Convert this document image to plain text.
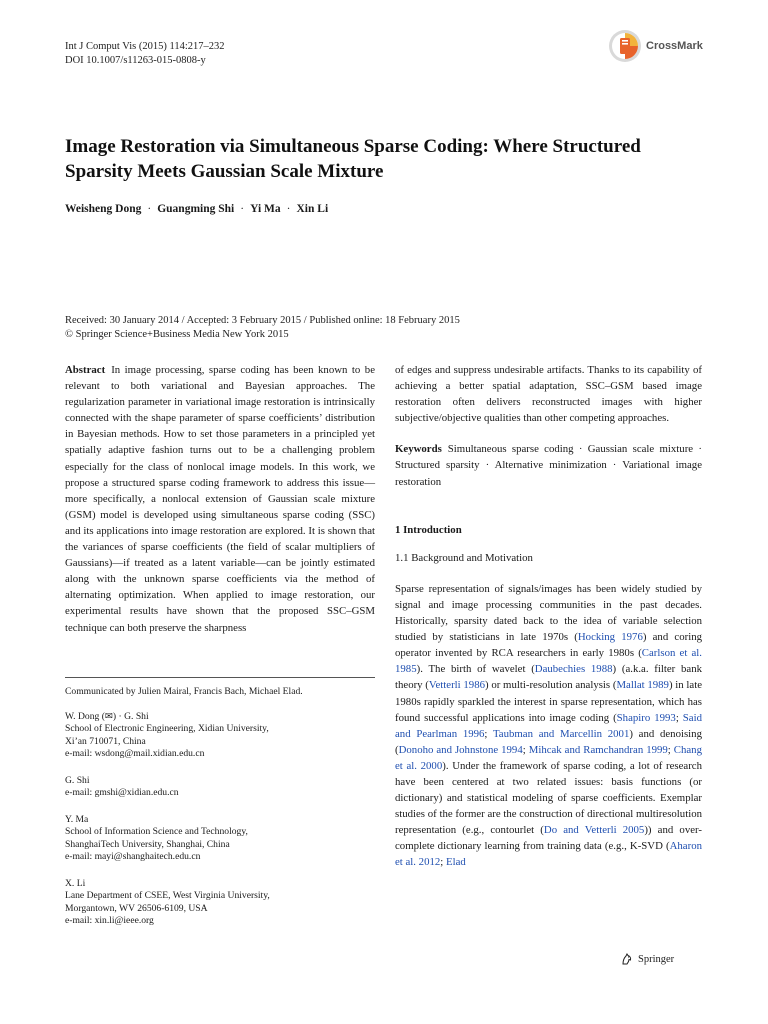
Int J Comput Vis (2015) 114:217–232
DOI 10.1007/s11263-015-0808-y
CrossMark
Image Restoration via Simultaneous Sparse Coding: Where Structured Sparsity Meets Gaussian Scale Mixture
Weisheng Dong · Guangming Shi · Yi Ma · Xin Li
Received: 30 January 2014 / Accepted: 3 February 2015 / Published online: 18 February 2015
© Springer Science+Business Media New York 2015

Abstract In image processing, sparse coding has been known to be relevant to both variational and Bayesian approaches. The regularization parameter in variational image restoration is intrinsically connected with the shape parameter of sparse coefficients’ distribution in Bayesian methods. How to set those parameters in a principled yet spatially adaptive fashion turns out to be a challenging problem especially for the class of nonlocal image models. In this work, we propose a structured sparse coding framework to address this issue—more specifically, a nonlocal extension of Gaussian scale mixture (GSM) model is developed using simultaneous sparse coding (SSC) and its applications into image restoration are explored. It is shown that the variances of sparse coefficients (the field of scalar multipliers of Gaussians)—if treated as a latent variable—can be jointly estimated along with the unknown sparse coefficients via the method of alternating optimization. When applied to image restoration, our experimental results have shown that the proposed SSC–GSM technique can both preserve the sharpness

Communicated by Julien Mairal, Francis Bach, Michael Elad.
W. Dong (✉) · G. Shi
School of Electronic Engineering, Xidian University,
Xi’an 710071, China
e-mail: wsdong@mail.xidian.edu.cn
G. Shi
e-mail: gmshi@xidian.edu.cn
Y. Ma
School of Information Science and Technology,
ShanghaiTech University, Shanghai, China
e-mail: mayi@shanghaitech.edu.cn
X. Li
Lane Department of CSEE, West Virginia University,
Morgantown, WV 26506-6109, USA
e-mail: xin.li@ieee.org

of edges and suppress undesirable artifacts. Thanks to its capability of achieving a better spatial adaptation, SSC–GSM based image restoration often delivers reconstructed images with higher subjective/objective qualities than other competing approaches.

Keywords Simultaneous sparse coding · Gaussian scale mixture · Structured sparsity · Alternative minimization · Variational image restoration

1 Introduction

1.1 Background and Motivation

Sparse representation of signals/images has been widely studied by signal and image processing communities in the past decades. Historically, sparsity dated back to the idea of variable selection studied by statisticians in late 1970s (Hocking 1976) and coring operator invented by RCA researchers in early 1980s (Carlson et al. 1985). The birth of wavelet (Daubechies 1988) (a.k.a. filter bank theory (Vetterli 1986) or multi-resolution analysis (Mallat 1989) in late 1980s rapidly sparkled the interest in sparse representation, which has found successful applications into image coding (Shapiro 1993; Said and Pearlman 1996; Taubman and Marcellin 2001) and denoising (Donoho and Johnstone 1994; Mihcak and Ramchandran 1999; Chang et al. 2000). Under the framework of sparse coding, a lot of research have been centered at two related issues: basis functions (or dictionary) and statistical modeling of sparse coefficients. Exemplar studies of the former are the construction of directional multiresolution representation (e.g., contourlet (Do and Vetterli 2005)) and over-complete dictionary learning from training data (e.g., K-SVD (Aharon et al. 2012; Elad

Springer
